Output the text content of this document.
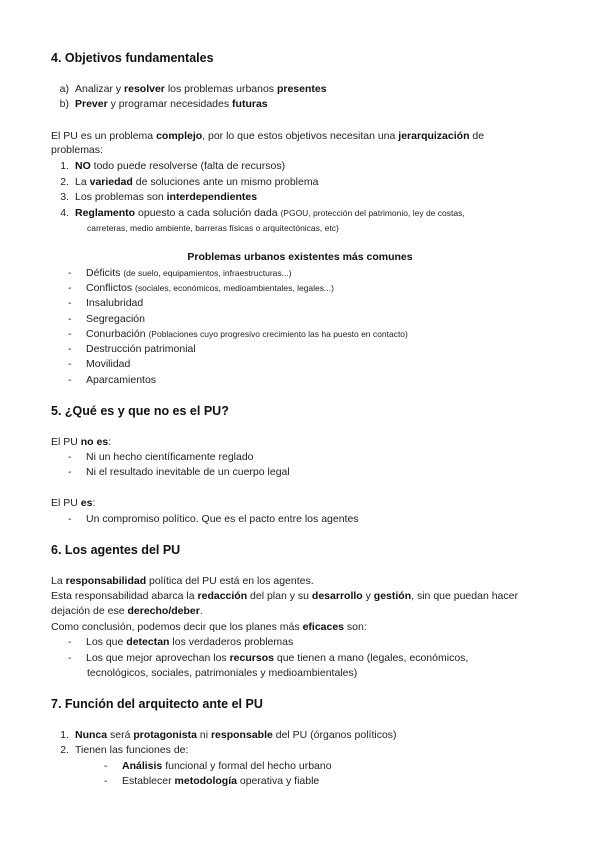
4. Objetivos fundamentales
a) Analizar y resolver los problemas urbanos presentes
b) Prever y programar necesidades futuras
El PU es un problema complejo, por lo que estos objetivos necesitan una jerarquización de
problemas:
1. NO todo puede resolverse (falta de recursos)
2. La variedad de soluciones ante un mismo problema
3. Los problemas son interdependientes
4. Reglamento opuesto a cada solución dada (PGOU, protección del patrimonio, ley de costas,
carreteras, medio ambiente, barreras físicas o arquitectónicas, etc)
Problemas urbanos existentes más comunes
- Déficits (de suelo, equipamientos, infraestructuras...)
- Conflictos (sociales, económicos, medioambientales, legales...)
- Insalubridad
- Segregación
- Conurbación (Poblaciones cuyo progresivo crecimiento las ha puesto en contacto)
- Destrucción patrimonial
- Movilidad
- Aparcamientos
5. ¿Qué es y que no es el PU?
El PU no es:
- Ni un hecho científicamente reglado
- Ni el resultado inevitable de un cuerpo legal
El PU es:
- Un compromiso político. Que es el pacto entre los agentes
6. Los agentes del PU
La responsabilidad política del PU está en los agentes.
Esta responsabilidad abarca la redacción del plan y su desarrollo y gestión, sin que puedan hacer
dejación de ese derecho/deber.
Como conclusión, podemos decir que los planes más eficaces son:
- Los que detectan los verdaderos problemas
- Los que mejor aprovechan los recursos que tienen a mano (legales, económicos,
tecnológicos, sociales, patrimoniales y medioambientales)
7. Función del arquitecto ante el PU
1. Nunca será protagonista ni responsable del PU (órganos políticos)
2. Tienen las funciones de:
- Análisis funcional y formal del hecho urbano
- Establecer metodología operativa y fiable
